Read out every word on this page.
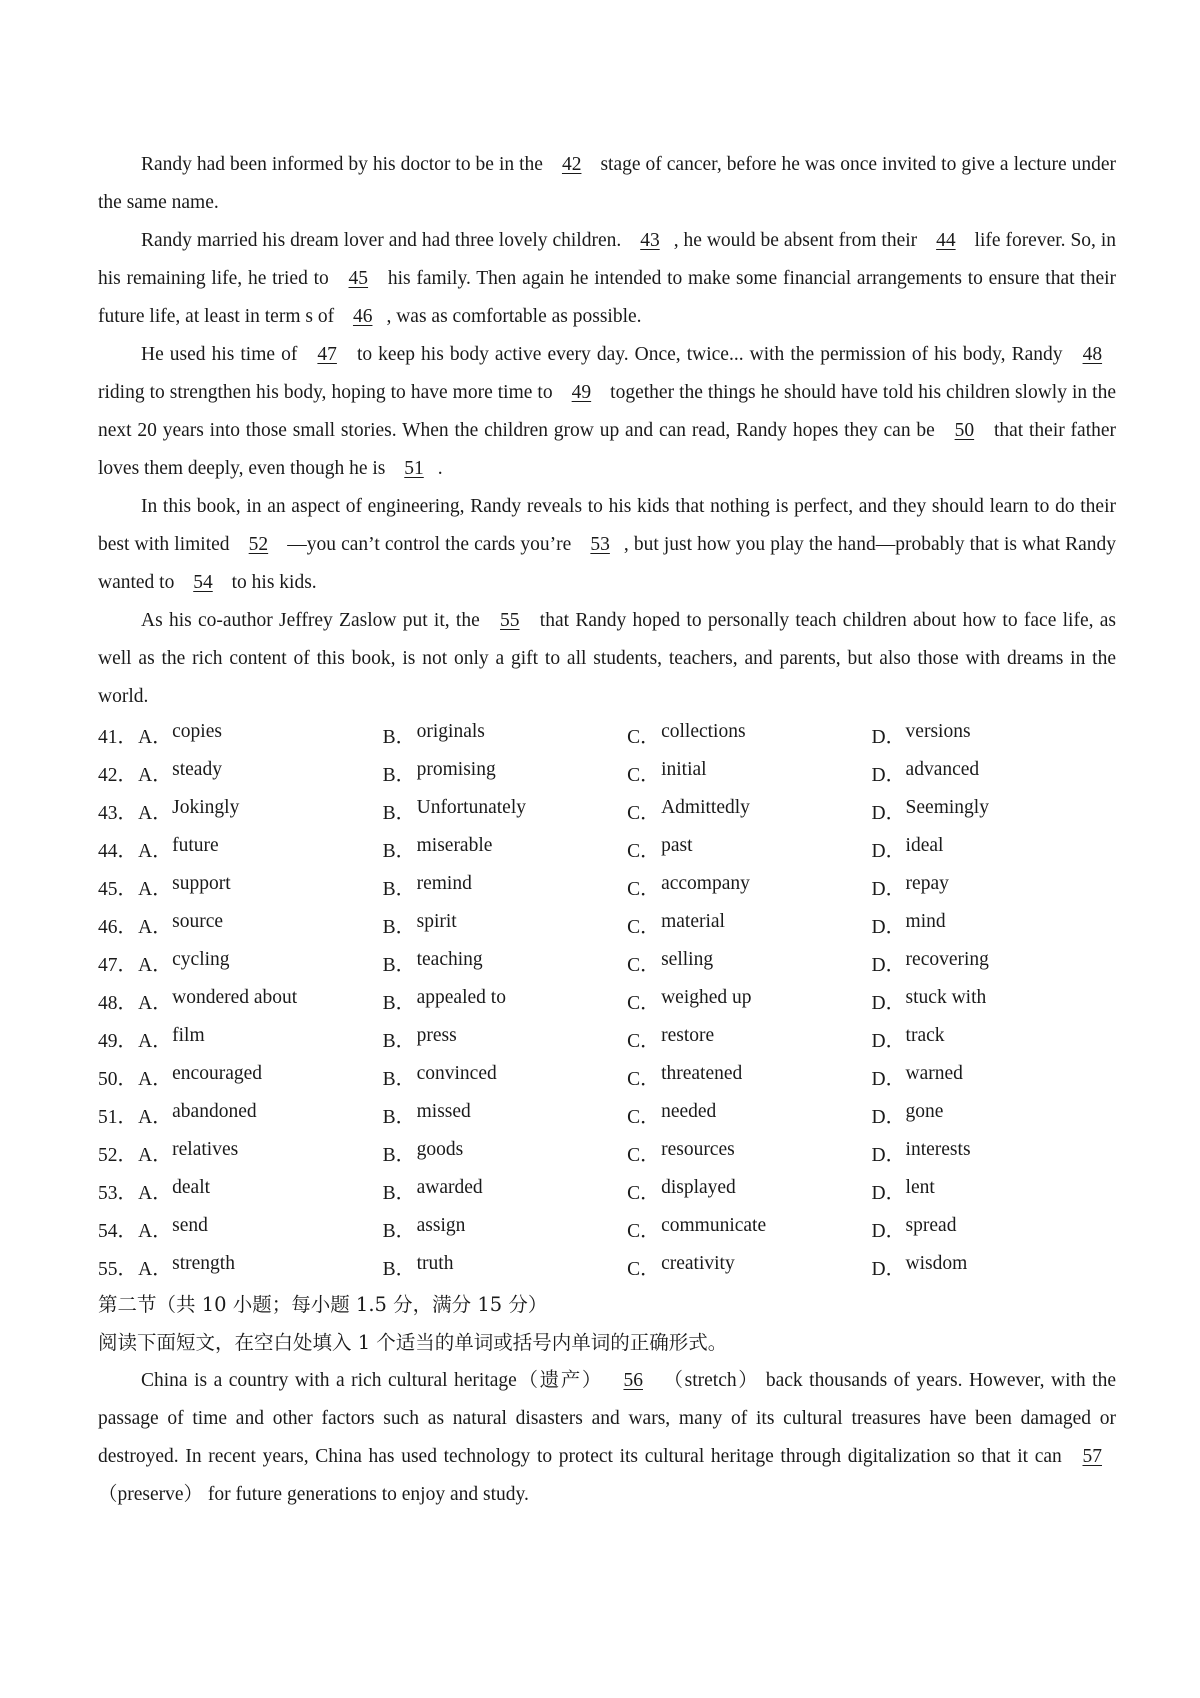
Randy had been informed by his doctor to be in the 42 stage of cancer, before he was once invited to give a lecture under the same name.

Randy married his dream lover and had three lovely children. 43 , he would be absent from their 44 life forever. So, in his remaining life, he tried to 45 his family. Then again he intended to make some financial arrangements to ensure that their future life, at least in term s of 46 , was as comfortable as possible.

He used his time of 47 to keep his body active every day. Once, twice... with the permission of his body, Randy 48 riding to strengthen his body, hoping to have more time to 49 together the things he should have told his children slowly in the next 20 years into those small stories. When the children grow up and can read, Randy hopes they can be 50 that their father loves them deeply, even though he is 51 .

In this book, in an aspect of engineering, Randy reveals to his kids that nothing is perfect, and they should learn to do their best with limited 52 —you can’t control the cards you’re 53 , but just how you play the hand—probably that is what Randy wanted to 54 to his kids.

As his co-author Jeffrey Zaslow put it, the 55 that Randy hoped to personally teach children about how to face life, as well as the rich content of this book, is not only a gift to all students, teachers, and parents, but also those with dreams in the world.

41． A． copies	B． originals	C． collections	D． versions
42． A． steady	B． promising	C． initial	D． advanced
43． A． Jokingly	B． Unfortunately	C． Admittedly	D． Seemingly
44． A． future	B． miserable	C． past	D． ideal
45． A． support	B． remind	C． accompany	D． repay
46． A． source	B． spirit	C． material	D． mind
47． A． cycling	B． teaching	C． selling	D． recovering
48． A． wondered about	B． appealed to	C． weighed up	D． stuck with
49． A． film	B． press	C． restore	D． track
50． A． encouraged	B． convinced	C． threatened	D． warned
51． A． abandoned	B． missed	C． needed	D． gone
52． A． relatives	B． goods	C． resources	D． interests
53． A． dealt	B． awarded	C． displayed	D． lent
54． A． send	B． assign	C． communicate	D． spread
55． A． strength	B． truth	C． creativity	D． wisdom

第二节（共 10 小题；每小题 1.5 分，满分 15 分）

阅读下面短文，在空白处填入 1 个适当的单词或括号内单词的正确形式。

China is a country with a rich cultural heritage（遗产） 56 （stretch） back thousands of years. However, with the passage of time and other factors such as natural disasters and wars, many of its cultural treasures have been damaged or destroyed. In recent years, China has used technology to protect its cultural heritage through digitalization so that it can 57 （preserve） for future generations to enjoy and study.
